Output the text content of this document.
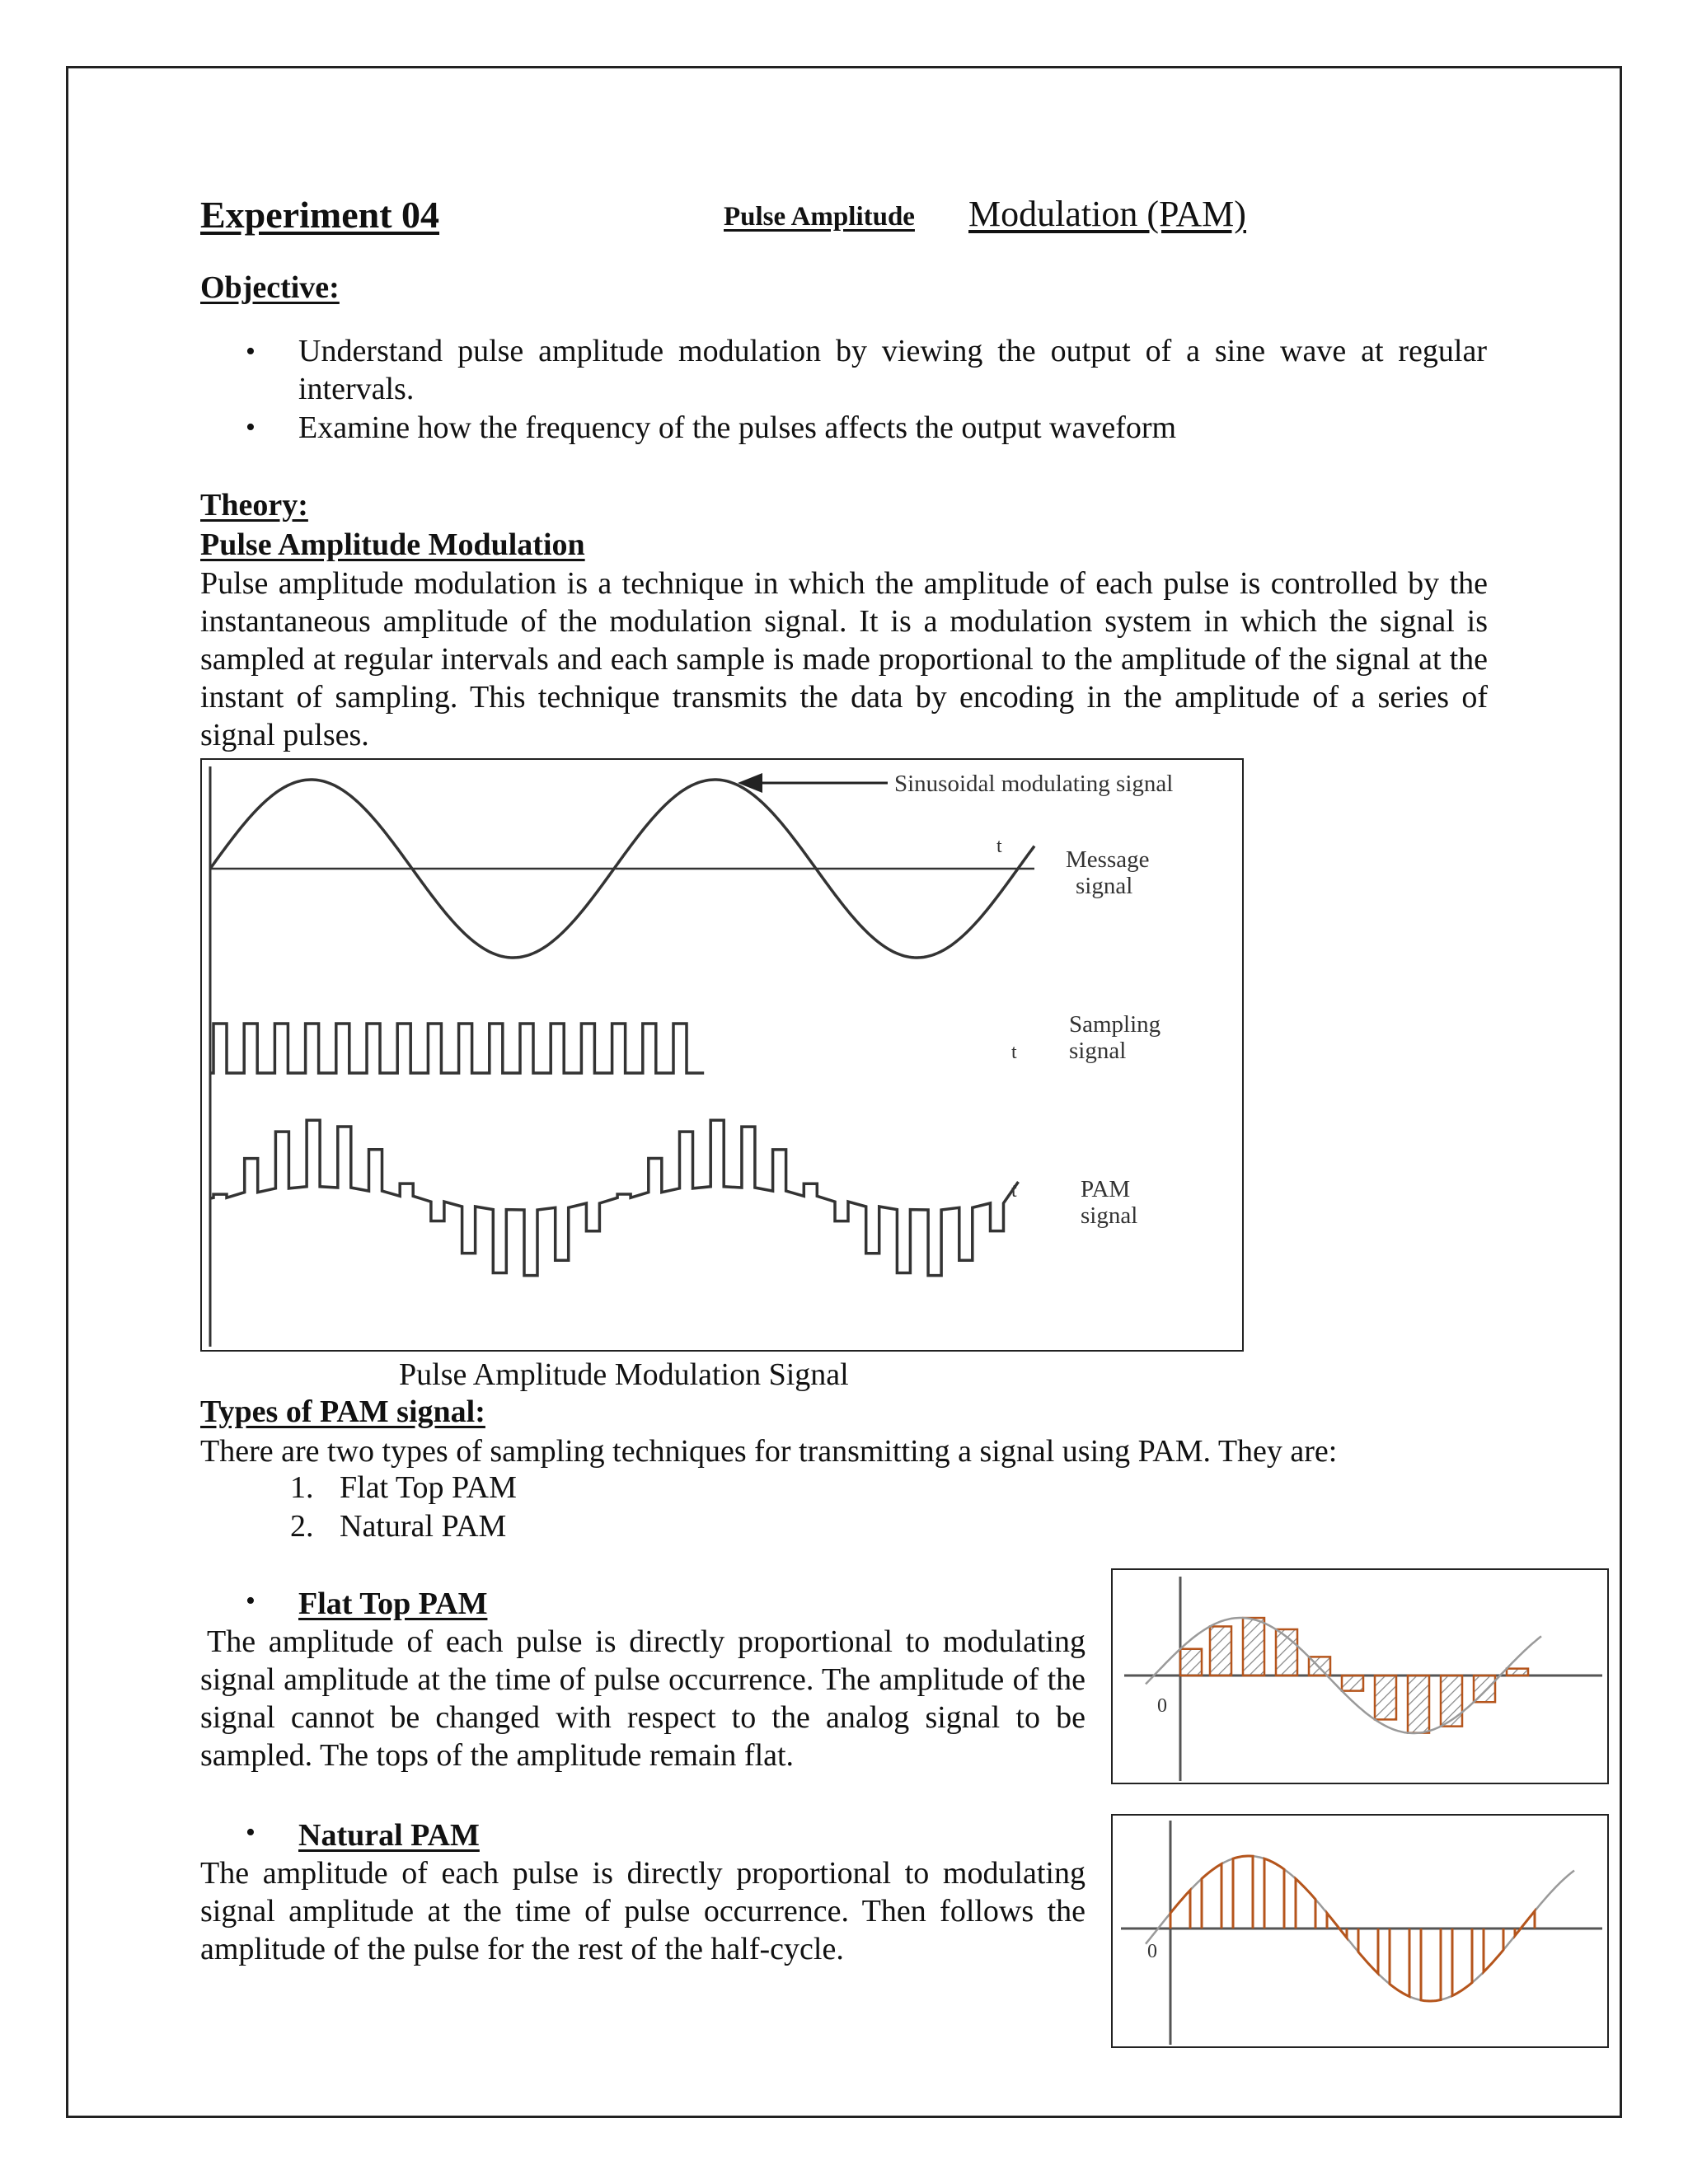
Experiment 04	Pulse Amplitude Modulation (PAM)
Objective:
• Understand pulse amplitude modulation by viewing the output of a sine wave at regular intervals.
• Examine how the frequency of the pulses affects the output waveform
Theory:
Pulse Amplitude Modulation
Pulse amplitude modulation is a technique in which the amplitude of each pulse is controlled by the instantaneous amplitude of the modulation signal. It is a modulation system in which the signal is sampled at regular intervals and each sample is made proportional to the amplitude of the signal at the instant of sampling. This technique transmits the data by encoding in the amplitude of a series of signal pulses.
Sinusoidal modulating signal
t	Message
signal
t
Sampling
signal
t	PAM
signal
Pulse Amplitude Modulation Signal
Types of PAM signal:
There are two types of sampling techniques for transmitting a signal using PAM. They are:
1. Flat Top PAM
2. Natural PAM
• Flat Top PAM
The amplitude of each pulse is directly proportional to modulating signal amplitude at the time of pulse occurrence. The amplitude of the signal cannot be changed with respect to the analog signal to be sampled. The tops of the amplitude remain flat.
0
• Natural PAM
The amplitude of each pulse is directly proportional to modulating signal amplitude at the time of pulse occurrence. Then follows the amplitude of the pulse for the rest of the half-cycle.	0
